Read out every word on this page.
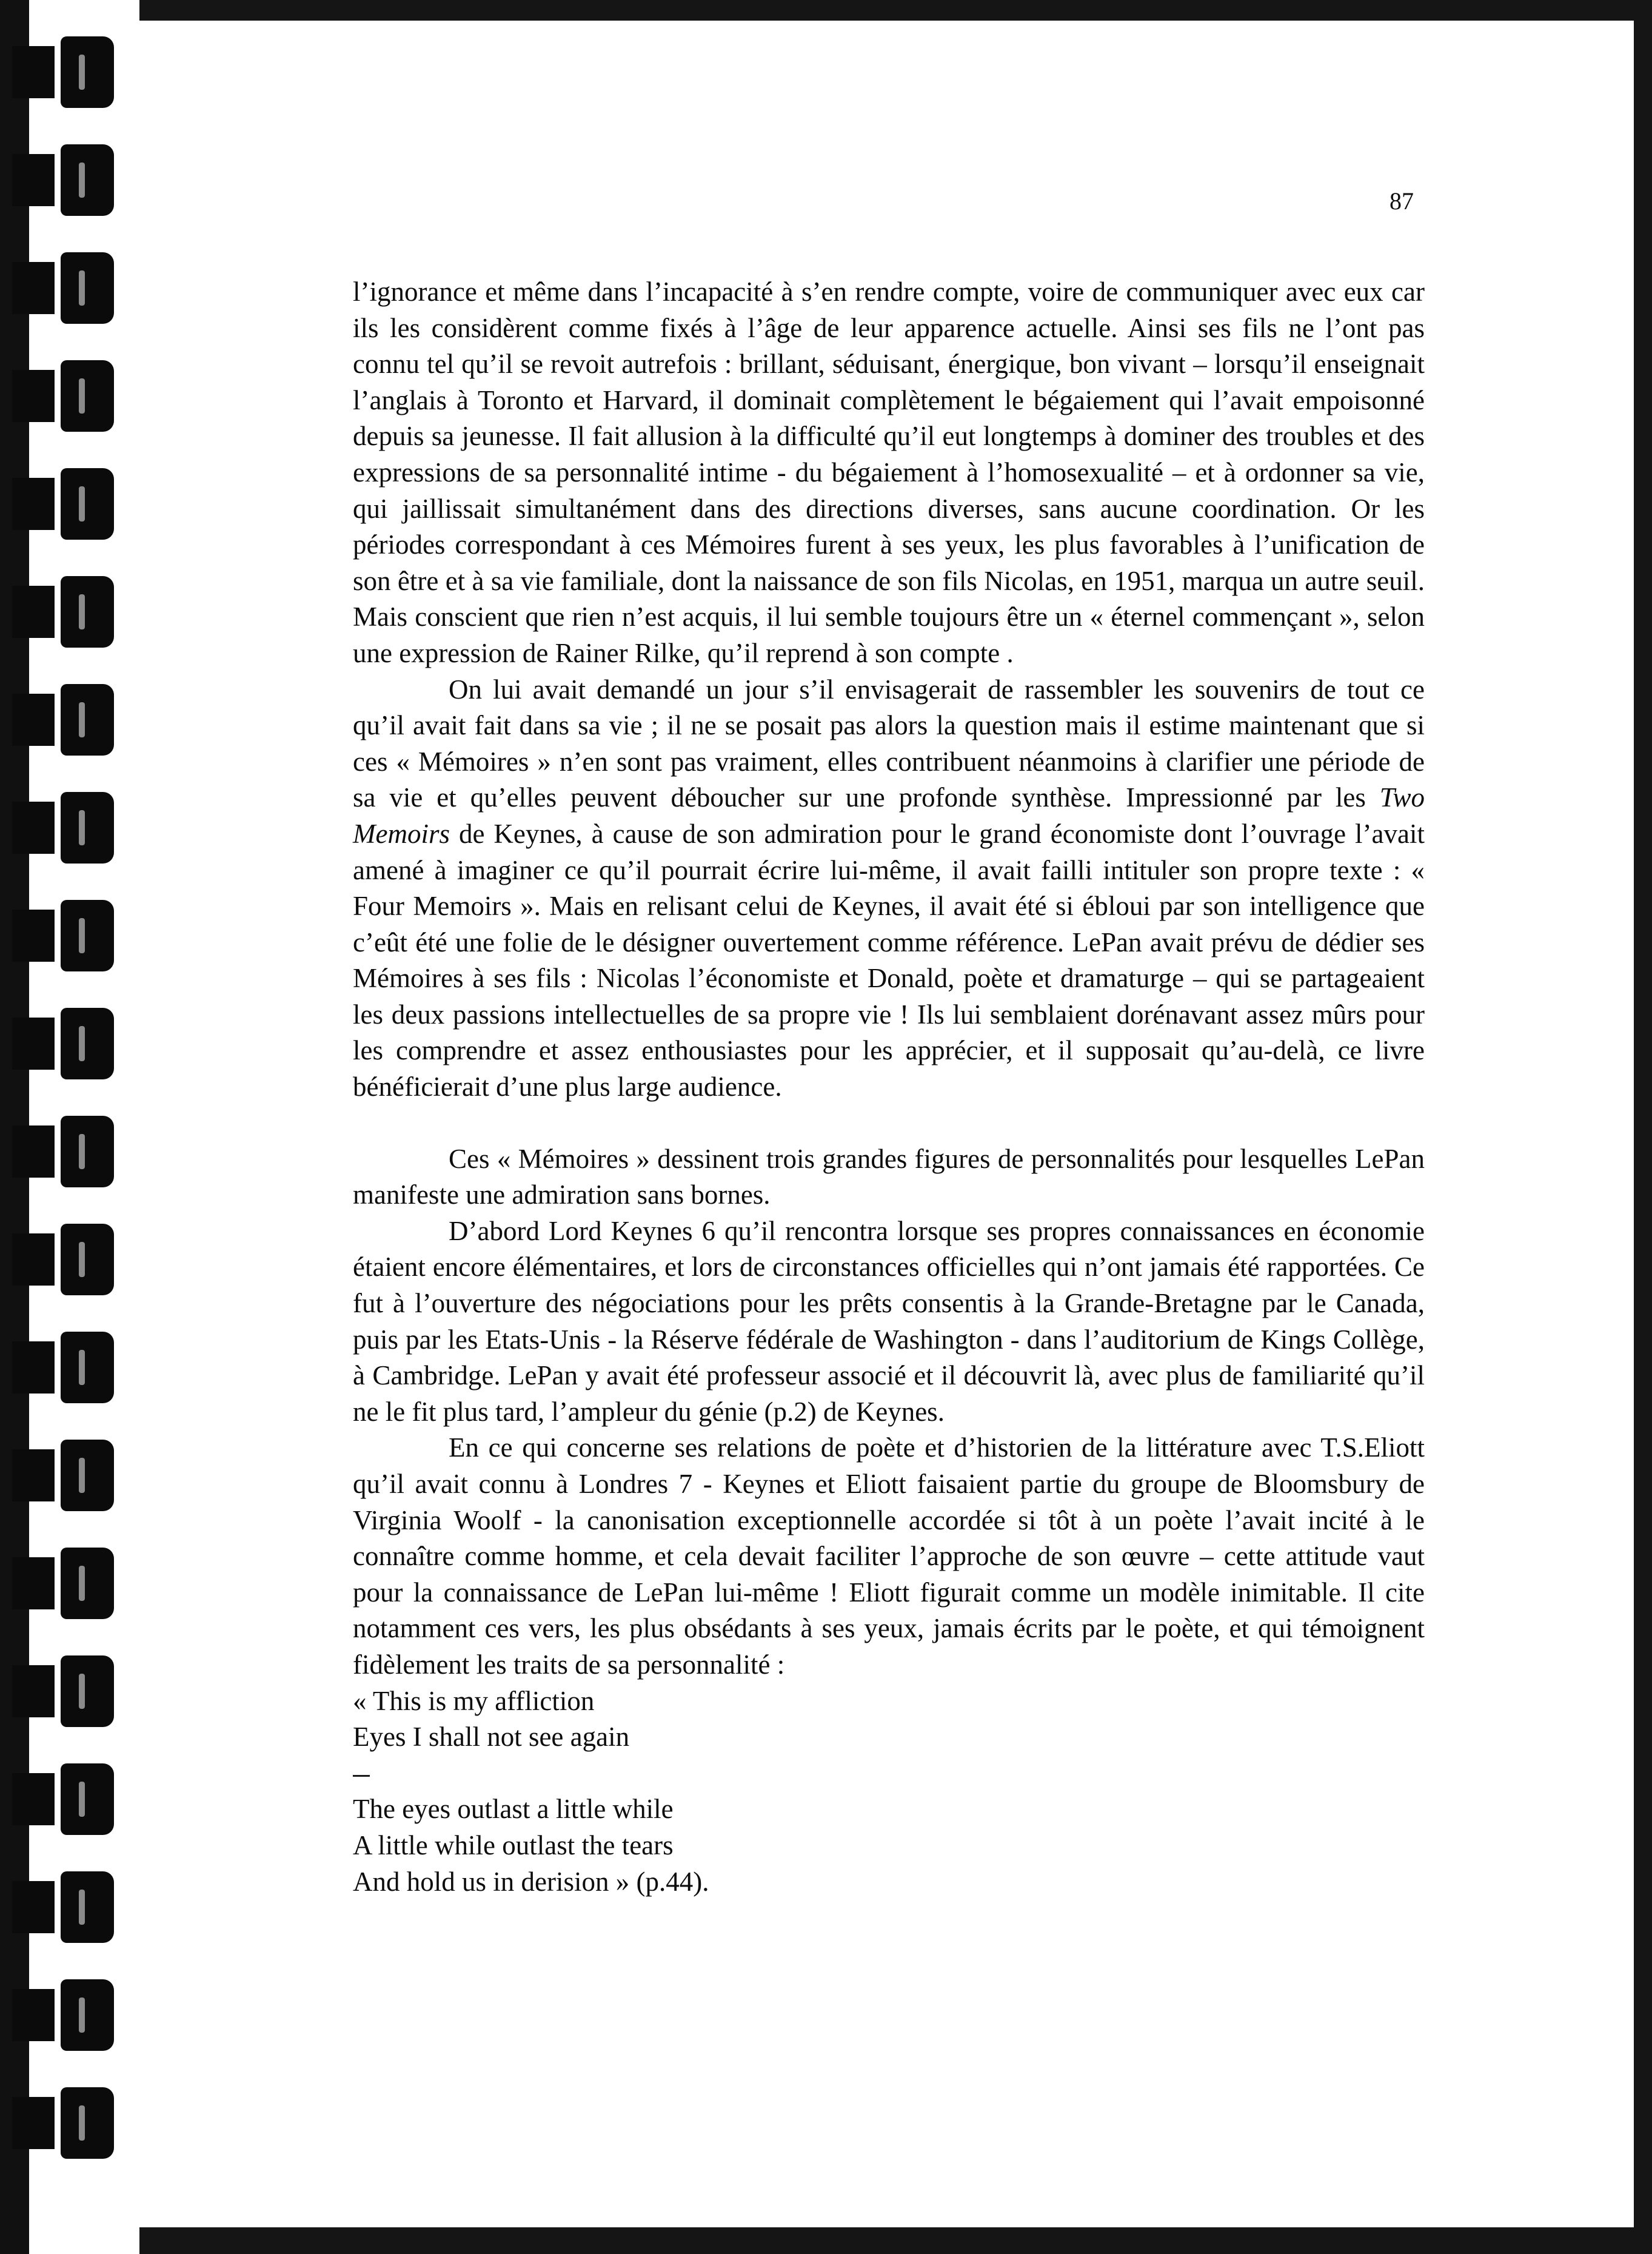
87

l’ignorance et même dans l’incapacité à s’en rendre compte, voire de communiquer avec eux car ils les considèrent comme fixés à l’âge de leur apparence actuelle. Ainsi ses fils ne l’ont pas connu tel qu’il se revoit autrefois : brillant, séduisant, énergique, bon vivant – lorsqu’il enseignait l’anglais à Toronto et Harvard, il dominait complètement le bégaiement qui l’avait empoisonné depuis sa jeunesse. Il fait allusion à la difficulté qu’il eut longtemps à dominer des troubles et des expressions de sa personnalité intime - du bégaiement à l’homosexualité – et à ordonner sa vie, qui jaillissait simultanément dans des directions diverses, sans aucune coordination. Or les périodes correspondant à ces Mémoires furent à ses yeux, les plus favorables à l’unification de son être et à sa vie familiale, dont la naissance de son fils Nicolas, en 1951, marqua un autre seuil. Mais conscient que rien n’est acquis, il lui semble toujours être un « éternel commençant », selon une expression de Rainer Rilke, qu’il reprend à son compte .

On lui avait demandé un jour s’il envisagerait de rassembler les souvenirs de tout ce qu’il avait fait dans sa vie ; il ne se posait pas alors la question mais il estime maintenant que si ces « Mémoires » n’en sont pas vraiment, elles contribuent néanmoins à clarifier une période de sa vie et qu’elles peuvent déboucher sur une profonde synthèse. Impressionné par les Two Memoirs de Keynes, à cause de son admiration pour le grand économiste dont l’ouvrage l’avait amené à imaginer ce qu’il pourrait écrire lui-même, il avait failli intituler son propre texte : « Four Memoirs ». Mais en relisant celui de Keynes, il avait été si ébloui par son intelligence que c’eût été une folie de le désigner ouvertement comme référence. LePan avait prévu de dédier ses Mémoires à ses fils : Nicolas l’économiste et Donald, poète et dramaturge – qui se partageaient les deux passions intellectuelles de sa propre vie ! Ils lui semblaient dorénavant assez mûrs pour les comprendre et assez enthousiastes pour les apprécier, et il supposait qu’au-delà, ce livre bénéficierait d’une plus large audience.

Ces « Mémoires » dessinent trois grandes figures de personnalités pour lesquelles LePan manifeste une admiration sans bornes.

D’abord Lord Keynes 6 qu’il rencontra lorsque ses propres connaissances en économie étaient encore élémentaires, et lors de circonstances officielles qui n’ont jamais été rapportées. Ce fut à l’ouverture des négociations pour les prêts consentis à la Grande-Bretagne par le Canada, puis par les Etats-Unis - la Réserve fédérale de Washington - dans l’auditorium de Kings Collège, à Cambridge. LePan y avait été professeur associé et il découvrit là, avec plus de familiarité qu’il ne le fit plus tard, l’ampleur du génie (p.2) de Keynes.

En ce qui concerne ses relations de poète et d’historien de la littérature avec T.S.Eliott qu’il avait connu à Londres 7 - Keynes et Eliott faisaient partie du groupe de Bloomsbury de Virginia Woolf - la canonisation exceptionnelle accordée si tôt à un poète l’avait incité à le connaître comme homme, et cela devait faciliter l’approche de son œuvre – cette attitude vaut pour la connaissance de LePan lui-même ! Eliott figurait comme un modèle inimitable. Il cite notamment ces vers, les plus obsédants à ses yeux, jamais écrits par le poète, et qui témoignent fidèlement les traits de sa personnalité :

« This is my affliction
Eyes I shall not see again
The eyes outlast a little while
A little while outlast the tears
And hold us in derision » (p.44).
